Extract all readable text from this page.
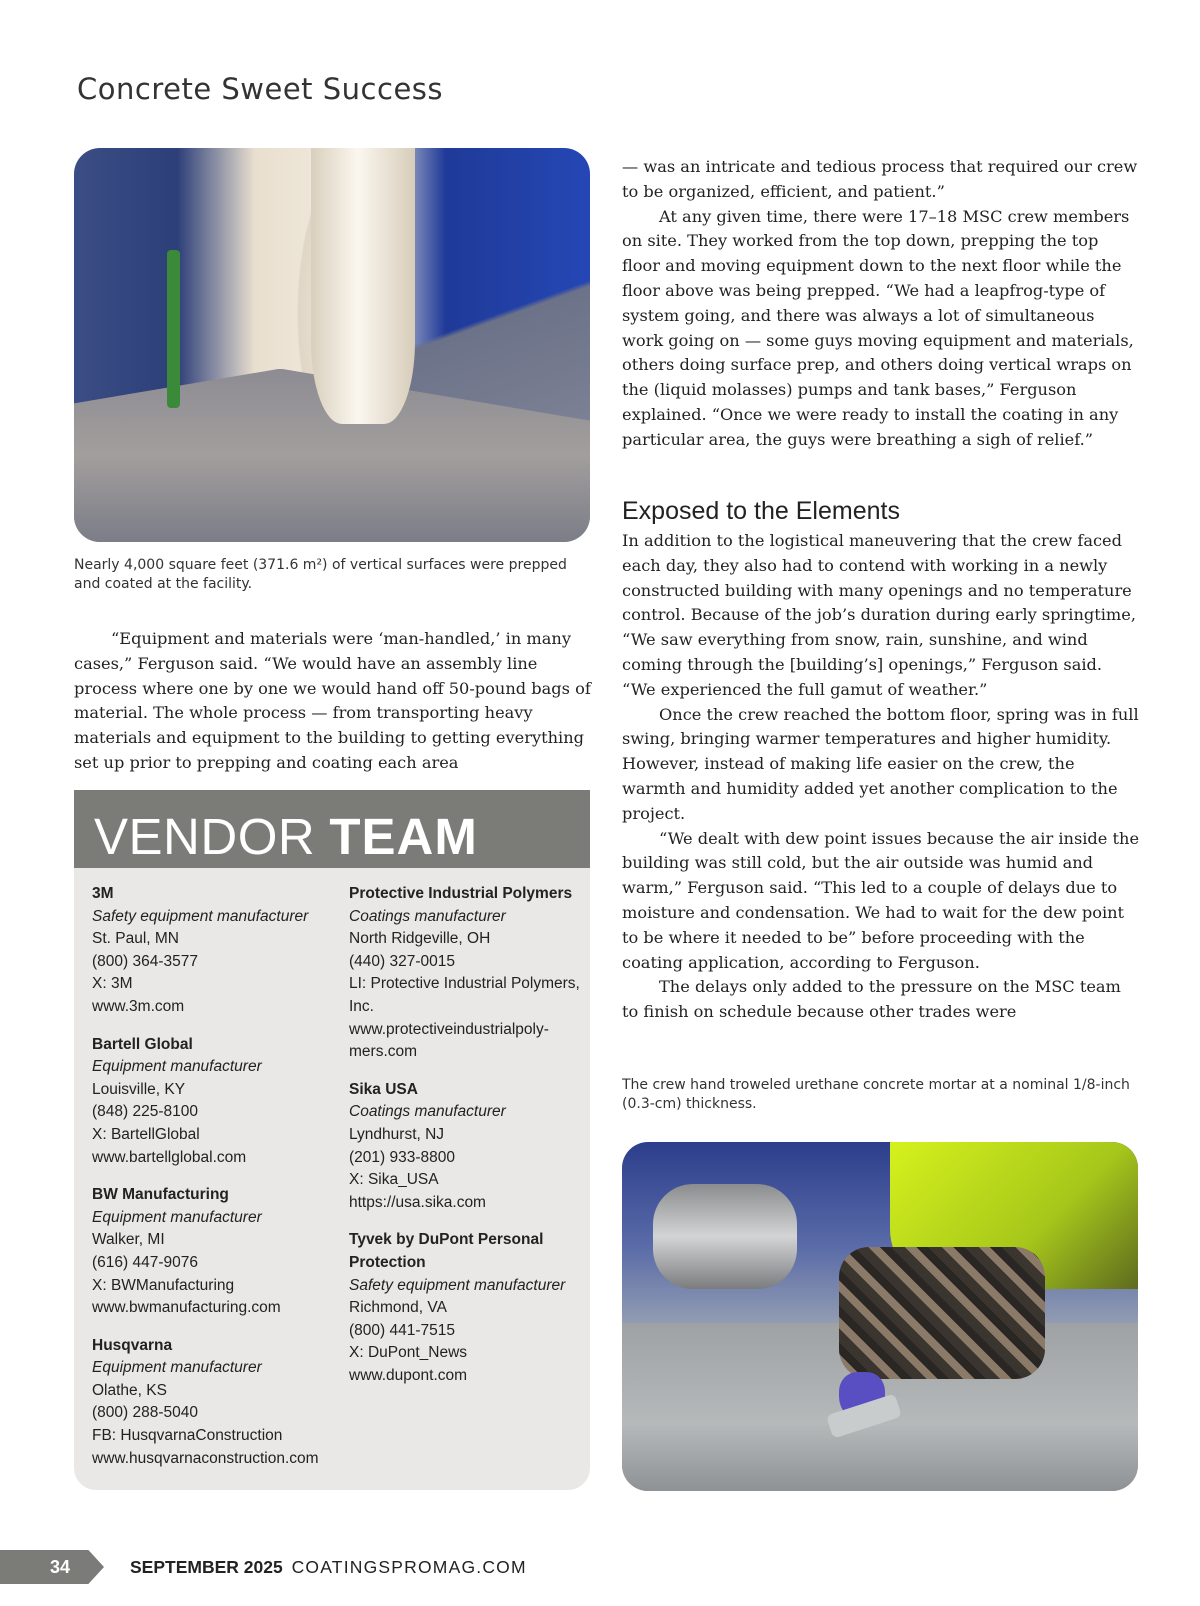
Concrete Sweet Success

Nearly 4,000 square feet (371.6 m²) of vertical surfaces were prepped and coated at the facility.

“Equipment and materials were ‘man-handled,’ in many cases,” Ferguson said. “We would have an assembly line process where one by one we would hand off 50-pound bags of material. The whole process — from transporting heavy materials and equipment to the building to getting everything set up prior to prepping and coating each area

— was an intricate and tedious process that required our crew to be organized, efficient, and patient.”

At any given time, there were 17–18 MSC crew members on site. They worked from the top down, prepping the top floor and moving equipment down to the next floor while the floor above was being prepped. “We had a leapfrog-type of system going, and there was always a lot of simultaneous work going on — some guys moving equipment and materials, others doing surface prep, and others doing vertical wraps on the (liquid molasses) pumps and tank bases,” Ferguson explained. “Once we were ready to install the coating in any particular area, the guys were breathing a sigh of relief.”

Exposed to the Elements

In addition to the logistical maneuvering that the crew faced each day, they also had to contend with working in a newly constructed building with many openings and no temperature control. Because of the job’s duration during early springtime, “We saw everything from snow, rain, sunshine, and wind coming through the [building’s] openings,” Ferguson said. “We experienced the full gamut of weather.”

Once the crew reached the bottom floor, spring was in full swing, bringing warmer temperatures and higher humidity. However, instead of making life easier on the crew, the warmth and humidity added yet another complication to the project.

“We dealt with dew point issues because the air inside the building was still cold, but the air outside was humid and warm,” Ferguson said. “This led to a couple of delays due to moisture and condensation. We had to wait for the dew point to be where it needed to be” before proceeding with the coating application, according to Ferguson.

The delays only added to the pressure on the MSC team to finish on schedule because other trades were

The crew hand troweled urethane concrete mortar at a nominal 1/8-inch (0.3-cm) thickness.

VENDOR TEAM
3M
Safety equipment manufacturer
St. Paul, MN
(800) 364-3577
X: 3M
www.3m.com
Bartell Global
Equipment manufacturer
Louisville, KY
(848) 225-8100
X: BartellGlobal
www.bartellglobal.com
BW Manufacturing
Equipment manufacturer
Walker, MI
(616) 447-9076
X: BWManufacturing
www.bwmanufacturing.com
Husqvarna
Equipment manufacturer
Olathe, KS
(800) 288-5040
FB: HusqvarnaConstruction
www.husqvarnaconstruction.com
Protective Industrial Polymers
Coatings manufacturer
North Ridgeville, OH
(440) 327-0015
LI: Protective Industrial Polymers, Inc.
www.protectiveindustrialpoly-mers.com
Sika USA
Coatings manufacturer
Lyndhurst, NJ
(201) 933-8800
X: Sika_USA
https://usa.sika.com
Tyvek by DuPont Personal Protection
Safety equipment manufacturer
Richmond, VA
(800) 441-7515
X: DuPont_News
www.dupont.com
34	SEPTEMBER 2025 COATINGSPROMAG.COM
